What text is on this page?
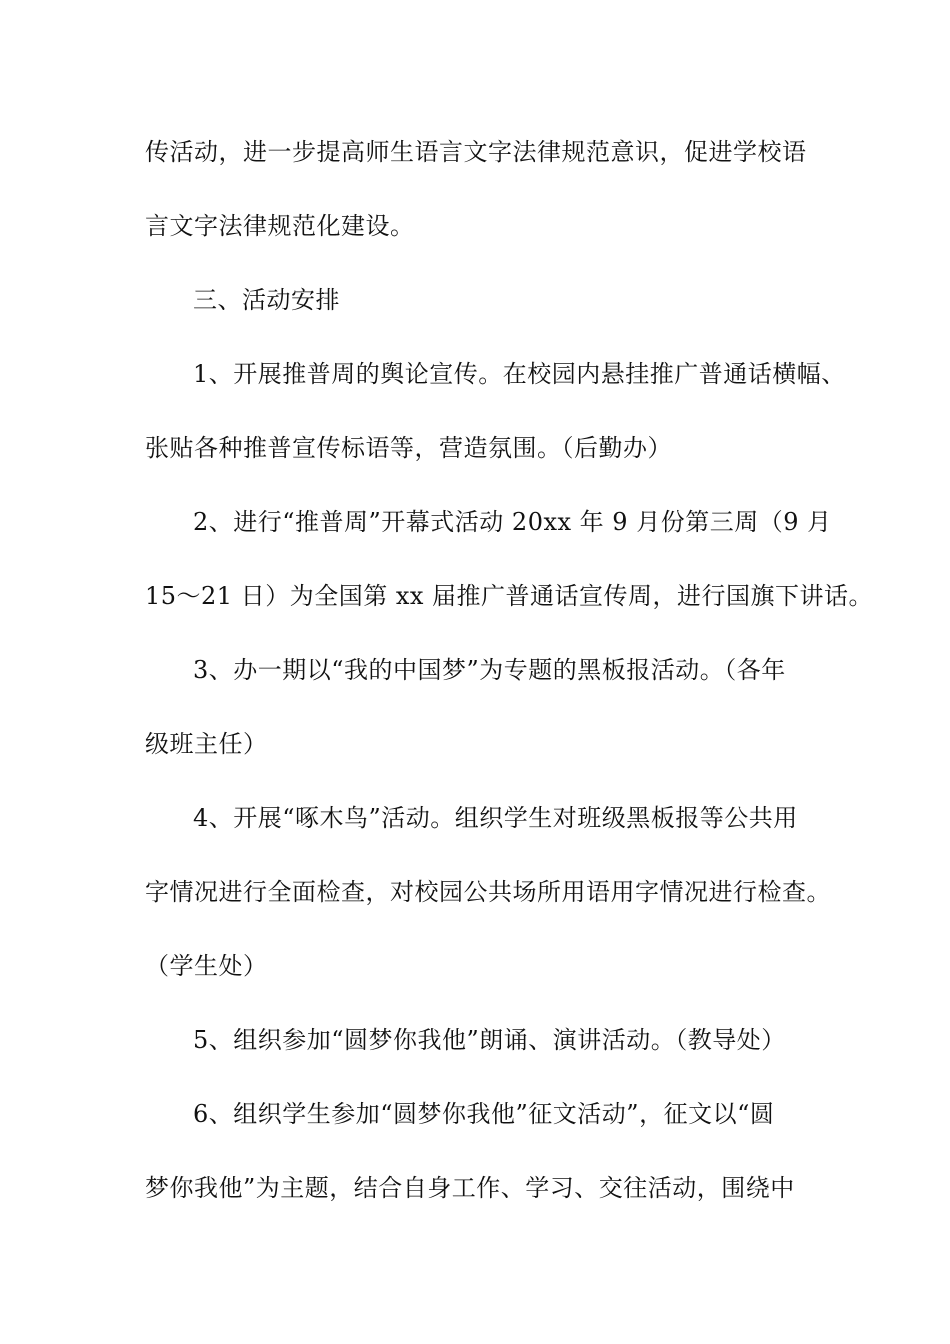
传活动，进一步提高师生语言文字法律规范意识，促进学校语
言文字法律规范化建设。
三、活动安排
1、开展推普周的舆论宣传。在校园内悬挂推广普通话横幅、
张贴各种推普宣传标语等，营造氛围。（后勤办）
2、进行“推普周”开幕式活动 20xx 年 9 月份第三周（9 月
15～21 日）为全国第 xx 届推广普通话宣传周，进行国旗下讲话。
3、办一期以“我的中国梦”为专题的黑板报活动。（各年
级班主任）
4、开展“啄木鸟”活动。组织学生对班级黑板报等公共用
字情况进行全面检查，对校园公共场所用语用字情况进行检查。
（学生处）
5、组织参加“圆梦你我他”朗诵、演讲活动。（教导处）
6、组织学生参加“圆梦你我他”征文活动”，征文以“圆
梦你我他”为主题，结合自身工作、学习、交往活动，围绕中
